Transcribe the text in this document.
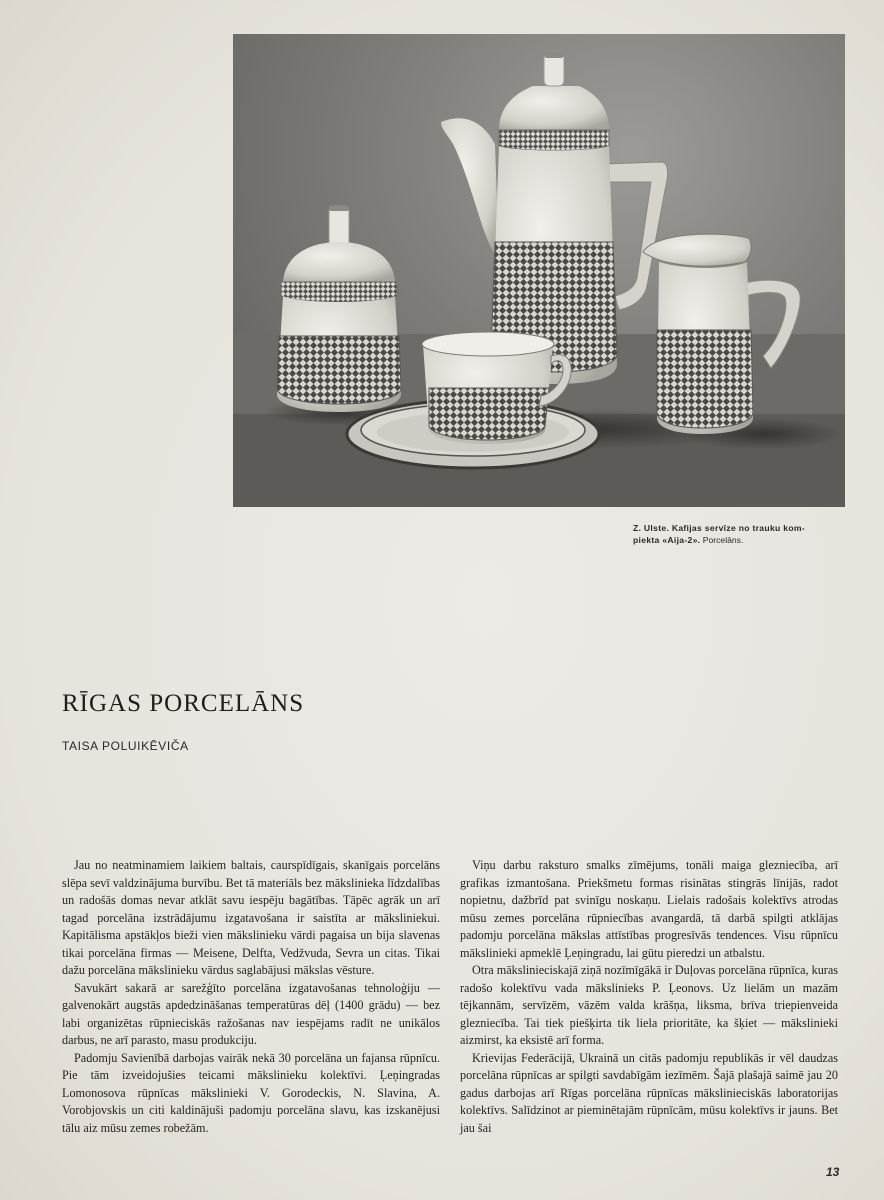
Z. Ulste. Kafijas servīze no trauku kom-
piekta «Aija-2». Porcelāns.
RĪGAS PORCELĀNS
TAISA POLUIKĒVIČA

Jau no neatminamiem laikiem baltais, caurspīdīgais, skanīgais porcelāns slēpa sevī valdzinājuma burvību. Bet tā materiāls bez mākslinieka līdzdalības un radošās domas nevar atklāt savu iespēju bagātības. Tāpēc agrāk un arī tagad porcelāna izstrādājumu izgatavošana ir saistīta ar māksliniekui. Kapitālisma apstākļos bieži vien mākslinieku vārdi pagaisa un bija slavenas tikai porcelāna firmas — Meisene, Delfta, Vedžvuda, Sevra un citas. Tikai dažu porcelāna mākslinieku vārdus saglabājusi mākslas vēsture.

Savukārt sakarā ar sarežģīto porcelāna izgatavošanas tehnoloģiju — galvenokārt augstās apdedzināšanas temperatūras dēļ (1400 grādu) — bez labi organizētas rūpnieciskās ražošanas nav iespējams radīt ne unikālos darbus, ne arī parasto, masu produkciju.

Padomju Savienībā darbojas vairāk nekā 30 porcelāna un fajansa rūpnīcu. Pie tām izveidojušies teicami mākslinieku kolektīvi. Ļeņingradas Lomonosova rūpnīcas mākslinieki V. Gorodeckis, N. Slavina, A. Vorobjovskis un citi kaldinājuši padomju porcelāna slavu, kas izskanējusi tālu aiz mūsu zemes robežām.

Viņu darbu raksturo smalks zīmējums, tonāli maiga glezniecība, arī grafikas izmantošana. Priekšmetu formas risinātas stingrās līnijās, radot nopietnu, dažbrīd pat svinīgu noskaņu. Lielais radošais kolektīvs atrodas mūsu zemes porcelāna rūpniecības avangardā, tā darbā spilgti atklājas padomju porcelāna mākslas attīstības progresīvās tendences. Visu rūpnīcu mākslinieki apmeklē Ļeņingradu, lai gūtu pieredzi un atbalstu.

Otra mākslinieciskajā ziņā nozīmīgākā ir Duļovas porcelāna rūpnīca, kuras radošo kolektīvu vada mākslinieks P. Ļeonovs. Uz lielām un mazām tējkannām, servīzēm, vāzēm valda krāšņa, liksma, brīva triepienveida glezniecība. Tai tiek piešķirta tik liela prioritāte, ka šķiet — mākslinieki aizmirst, ka eksistē arī forma.

Krievijas Federācijā, Ukrainā un citās padomju republikās ir vēl daudzas porcelāna rūpnīcas ar spilgti savdabīgām iezīmēm. Šajā plašajā saimē jau 20 gadus darbojas arī Rīgas porcelāna rūpnīcas mākslinieciskās laboratorijas kolektīvs. Salīdzinot ar pieminētajām rūpnīcām, mūsu kolektīvs ir jauns. Bet jau šai

13
